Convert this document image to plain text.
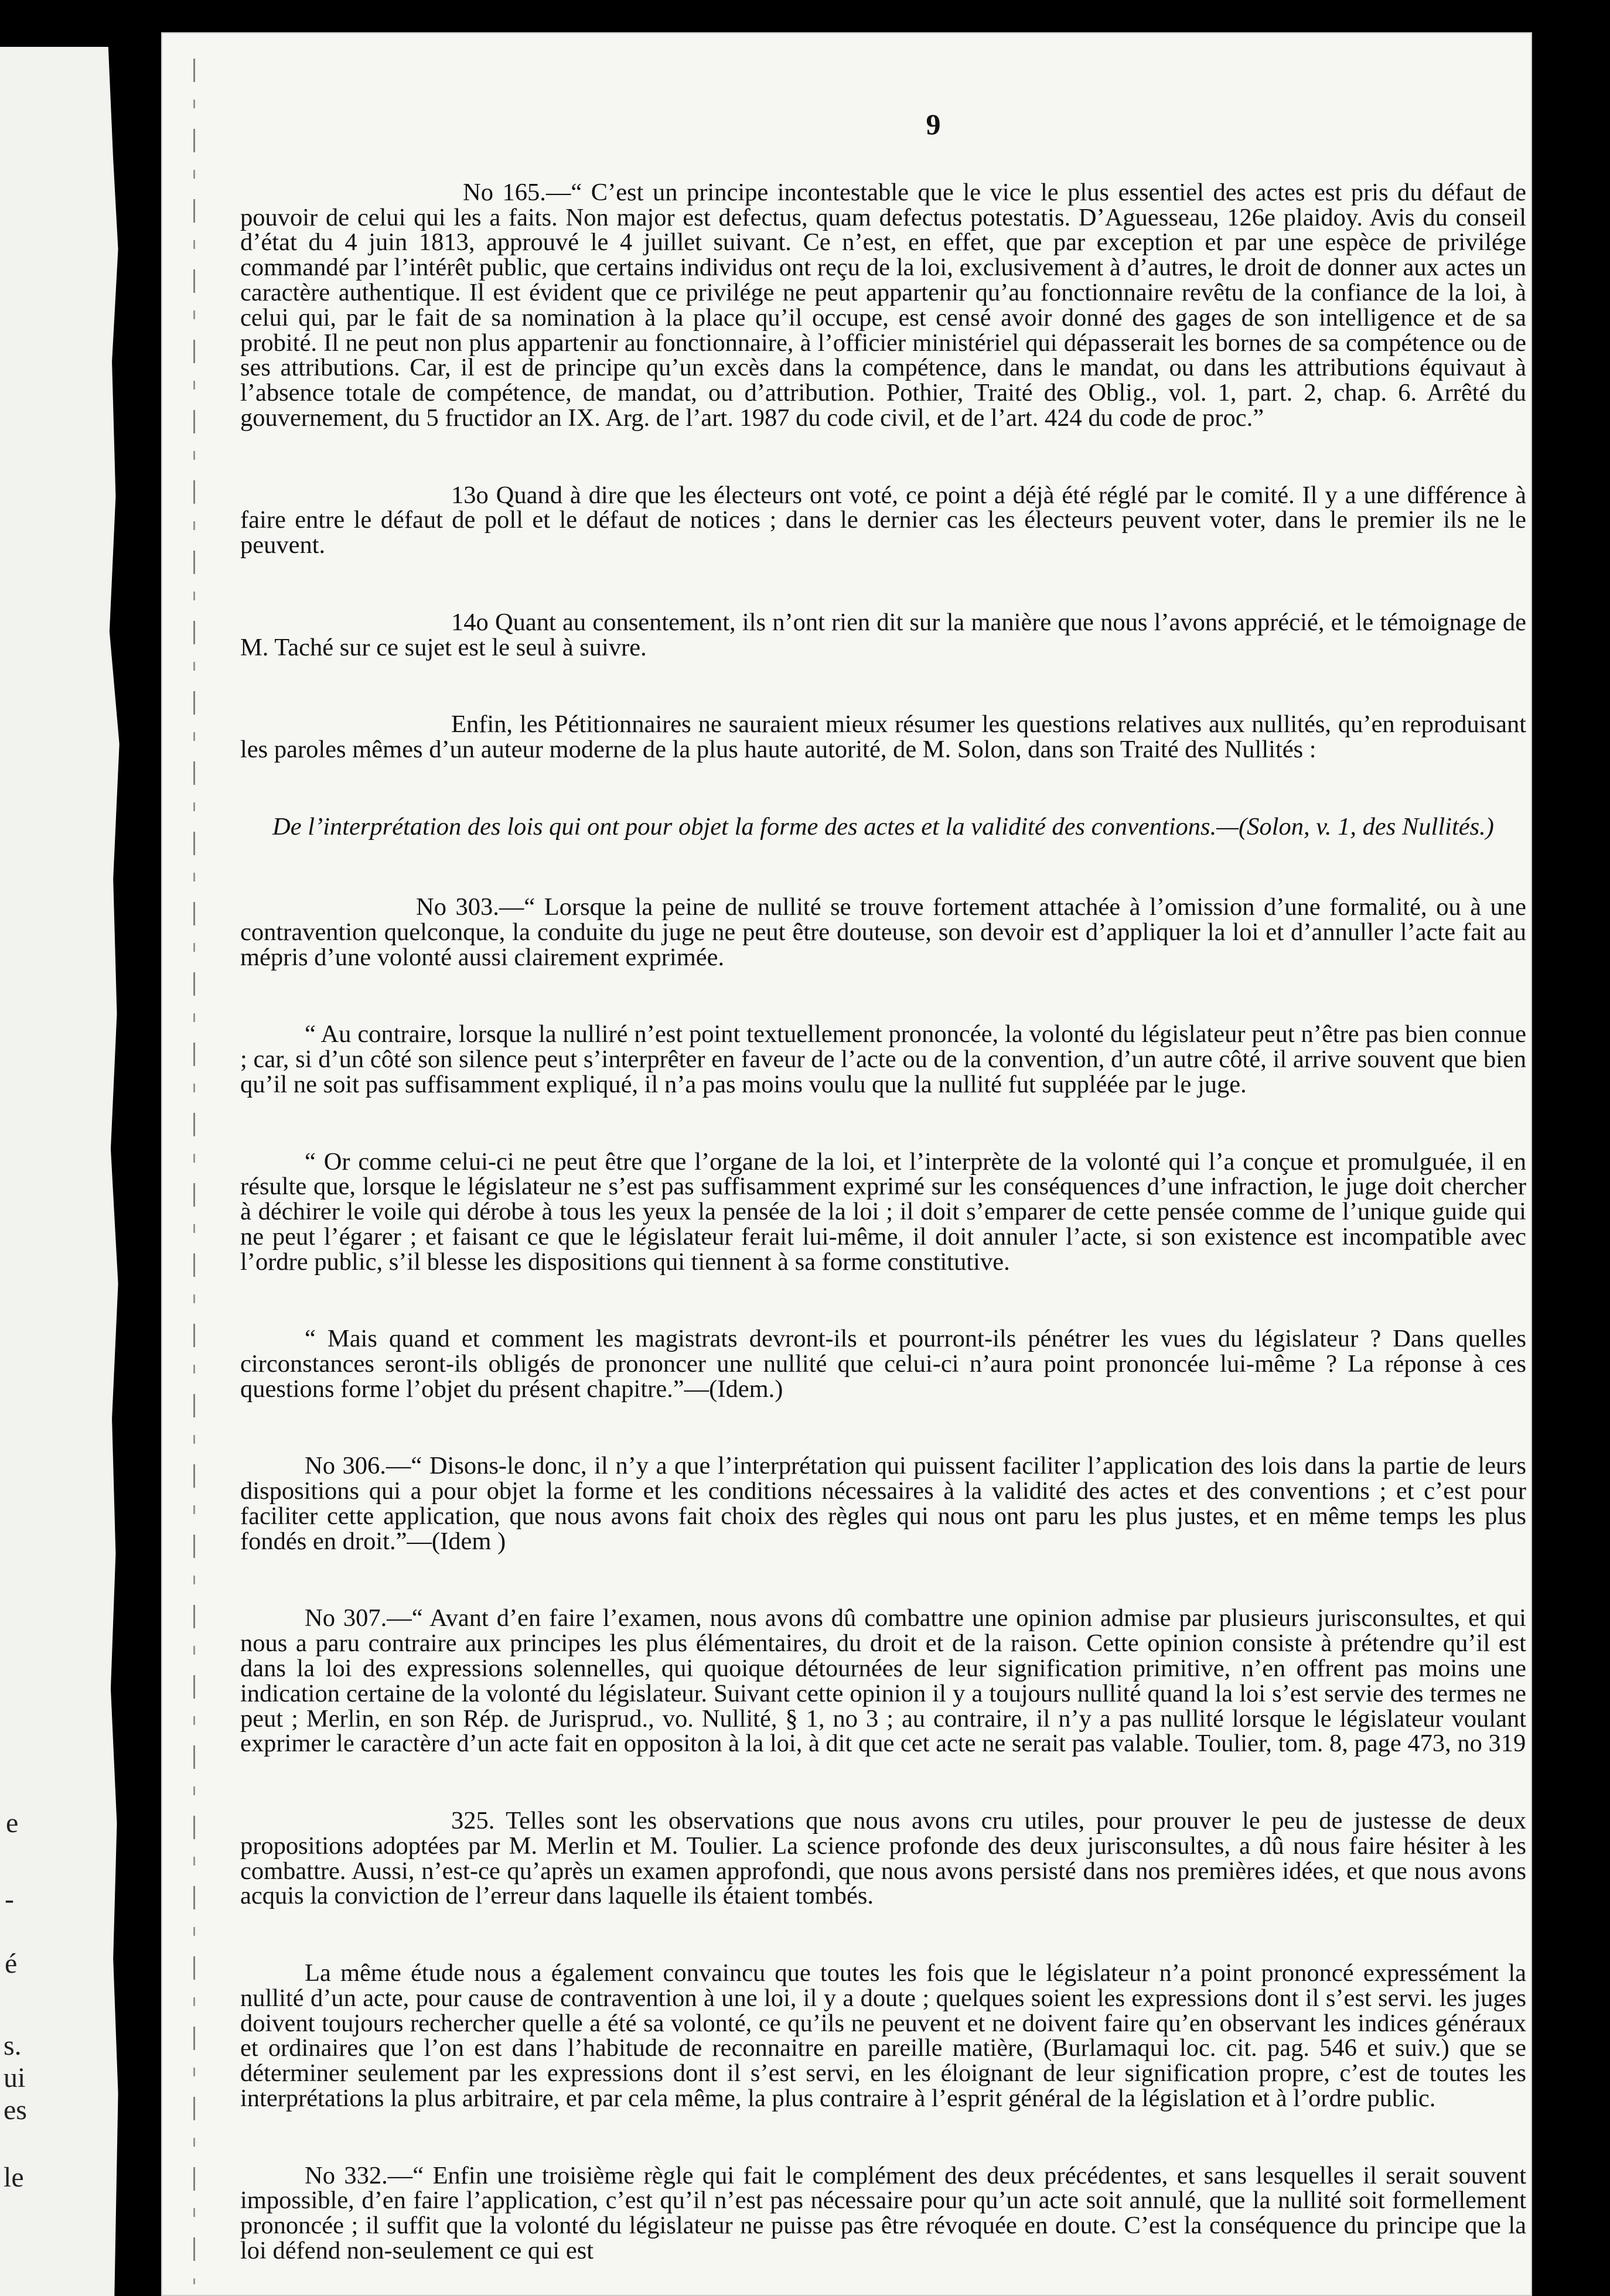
e
-
é
s.
ui
es
le
9

No 165.—“ C’est un principe incontestable que le vice le plus essentiel des actes est pris du défaut de pouvoir de celui qui les a faits. Non major est defectus, quam defectus potestatis. D’Aguesseau, 126e plaidoy. Avis du conseil d’état du 4 juin 1813, approuvé le 4 juillet suivant. Ce n’est, en effet, que par exception et par une espèce de privilége commandé par l’intérêt public, que certains individus ont reçu de la loi, exclusivement à d’autres, le droit de donner aux actes un caractère authentique. Il est évident que ce privilége ne peut appartenir qu’au fonctionnaire revêtu de la confiance de la loi, à celui qui, par le fait de sa nomination à la place qu’il occupe, est censé avoir donné des gages de son intelligence et de sa probité. Il ne peut non plus appartenir au fonctionnaire, à l’officier ministériel qui dépasserait les bornes de sa compétence ou de ses attributions. Car, il est de principe qu’un excès dans la compétence, dans le mandat, ou dans les attributions équivaut à l’absence totale de compétence, de mandat, ou d’attribution. Pothier, Traité des Oblig., vol. 1, part. 2, chap. 6. Arrêté du gouvernement, du 5 fructidor an IX. Arg. de l’art. 1987 du code civil, et de l’art. 424 du code de proc.”

13o Quand à dire que les électeurs ont voté, ce point a déjà été réglé par le comité. Il y a une différence à faire entre le défaut de poll et le défaut de notices ; dans le dernier cas les électeurs peuvent voter, dans le premier ils ne le peuvent.

14o Quant au consentement, ils n’ont rien dit sur la manière que nous l’avons apprécié, et le témoignage de M. Taché sur ce sujet est le seul à suivre.

Enfin, les Pétitionnaires ne sauraient mieux résumer les questions relatives aux nullités, qu’en reproduisant les paroles mêmes d’un auteur moderne de la plus haute autorité, de M. Solon, dans son Traité des Nullités :

De l’interprétation des lois qui ont pour objet la forme des actes et la validité des conventions.—(Solon, v. 1, des Nullités.)

No 303.—“ Lorsque la peine de nullité se trouve fortement attachée à l’omission d’une formalité, ou à une contravention quelconque, la conduite du juge ne peut être douteuse, son devoir est d’appliquer la loi et d’annuller l’acte fait au mépris d’une volonté aussi clairement exprimée.

“ Au contraire, lorsque la nulliré n’est point textuellement prononcée, la volonté du législateur peut n’être pas bien connue ; car, si d’un côté son silence peut s’interprêter en faveur de l’acte ou de la convention, d’un autre côté, il arrive souvent que bien qu’il ne soit pas suffisamment expliqué, il n’a pas moins voulu que la nullité fut suppléée par le juge.

“ Or comme celui-ci ne peut être que l’organe de la loi, et l’interprète de la volonté qui l’a conçue et promulguée, il en résulte que, lorsque le législateur ne s’est pas suffisamment exprimé sur les conséquences d’une infraction, le juge doit chercher à déchirer le voile qui dérobe à tous les yeux la pensée de la loi ; il doit s’emparer de cette pensée comme de l’unique guide qui ne peut l’égarer ; et faisant ce que le législateur ferait lui-même, il doit annuler l’acte, si son existence est incompatible avec l’ordre public, s’il blesse les dispositions qui tiennent à sa forme constitutive.

“ Mais quand et comment les magistrats devront-ils et pourront-ils pénétrer les vues du législateur ? Dans quelles circonstances seront-ils obligés de prononcer une nullité que celui-ci n’aura point prononcée lui-même ? La réponse à ces questions forme l’objet du présent chapitre.”—(Idem.)

No 306.—“ Disons-le donc, il n’y a que l’interprétation qui puissent faciliter l’application des lois dans la partie de leurs dispositions qui a pour objet la forme et les conditions nécessaires à la validité des actes et des conventions ; et c’est pour faciliter cette application, que nous avons fait choix des règles qui nous ont paru les plus justes, et en même temps les plus fondés en droit.”—(Idem )

No 307.—“ Avant d’en faire l’examen, nous avons dû combattre une opinion admise par plusieurs jurisconsultes, et qui nous a paru contraire aux principes les plus élémentaires, du droit et de la raison. Cette opinion consiste à prétendre qu’il est dans la loi des expressions solennelles, qui quoique détournées de leur signification primitive, n’en offrent pas moins une indication certaine de la volonté du législateur. Suivant cette opinion il y a toujours nullité quand la loi s’est servie des termes ne peut ; Merlin, en son Rép. de Jurisprud., vo. Nullité, § 1, no 3 ; au contraire, il n’y a pas nullité lorsque le législateur voulant exprimer le caractère d’un acte fait en oppositon à la loi, à dit que cet acte ne serait pas valable. Toulier, tom. 8, page 473, no 319

325. Telles sont les observations que nous avons cru utiles, pour prouver le peu de justesse de deux propositions adoptées par M. Merlin et M. Toulier. La science profonde des deux jurisconsultes, a dû nous faire hésiter à les combattre. Aussi, n’est-ce qu’après un examen approfondi, que nous avons persisté dans nos premières idées, et que nous avons acquis la conviction de l’erreur dans laquelle ils étaient tombés.

La même étude nous a également convaincu que toutes les fois que le législateur n’a point prononcé expressément la nullité d’un acte, pour cause de contravention à une loi, il y a doute ; quelques soient les expressions dont il s’est servi. les juges doivent toujours rechercher quelle a été sa volonté, ce qu’ils ne peuvent et ne doivent faire qu’en observant les indices généraux et ordinaires que l’on est dans l’habitude de reconnaitre en pareille matière, (Burlamaqui loc. cit. pag. 546 et suiv.) que se déterminer seulement par les expressions dont il s’est servi, en les éloignant de leur signification propre, c’est de toutes les interprétations la plus arbitraire, et par cela même, la plus contraire à l’esprit général de la législation et à l’ordre public.

No 332.—“ Enfin une troisième règle qui fait le complément des deux précédentes, et sans lesquelles il serait souvent impossible, d’en faire l’application, c’est qu’il n’est pas nécessaire pour qu’un acte soit annulé, que la nullité soit formellement prononcée ; il suffit que la volonté du législateur ne puisse pas être révoquée en doute. C’est la conséquence du principe que la loi défend non-seulement ce qui est
